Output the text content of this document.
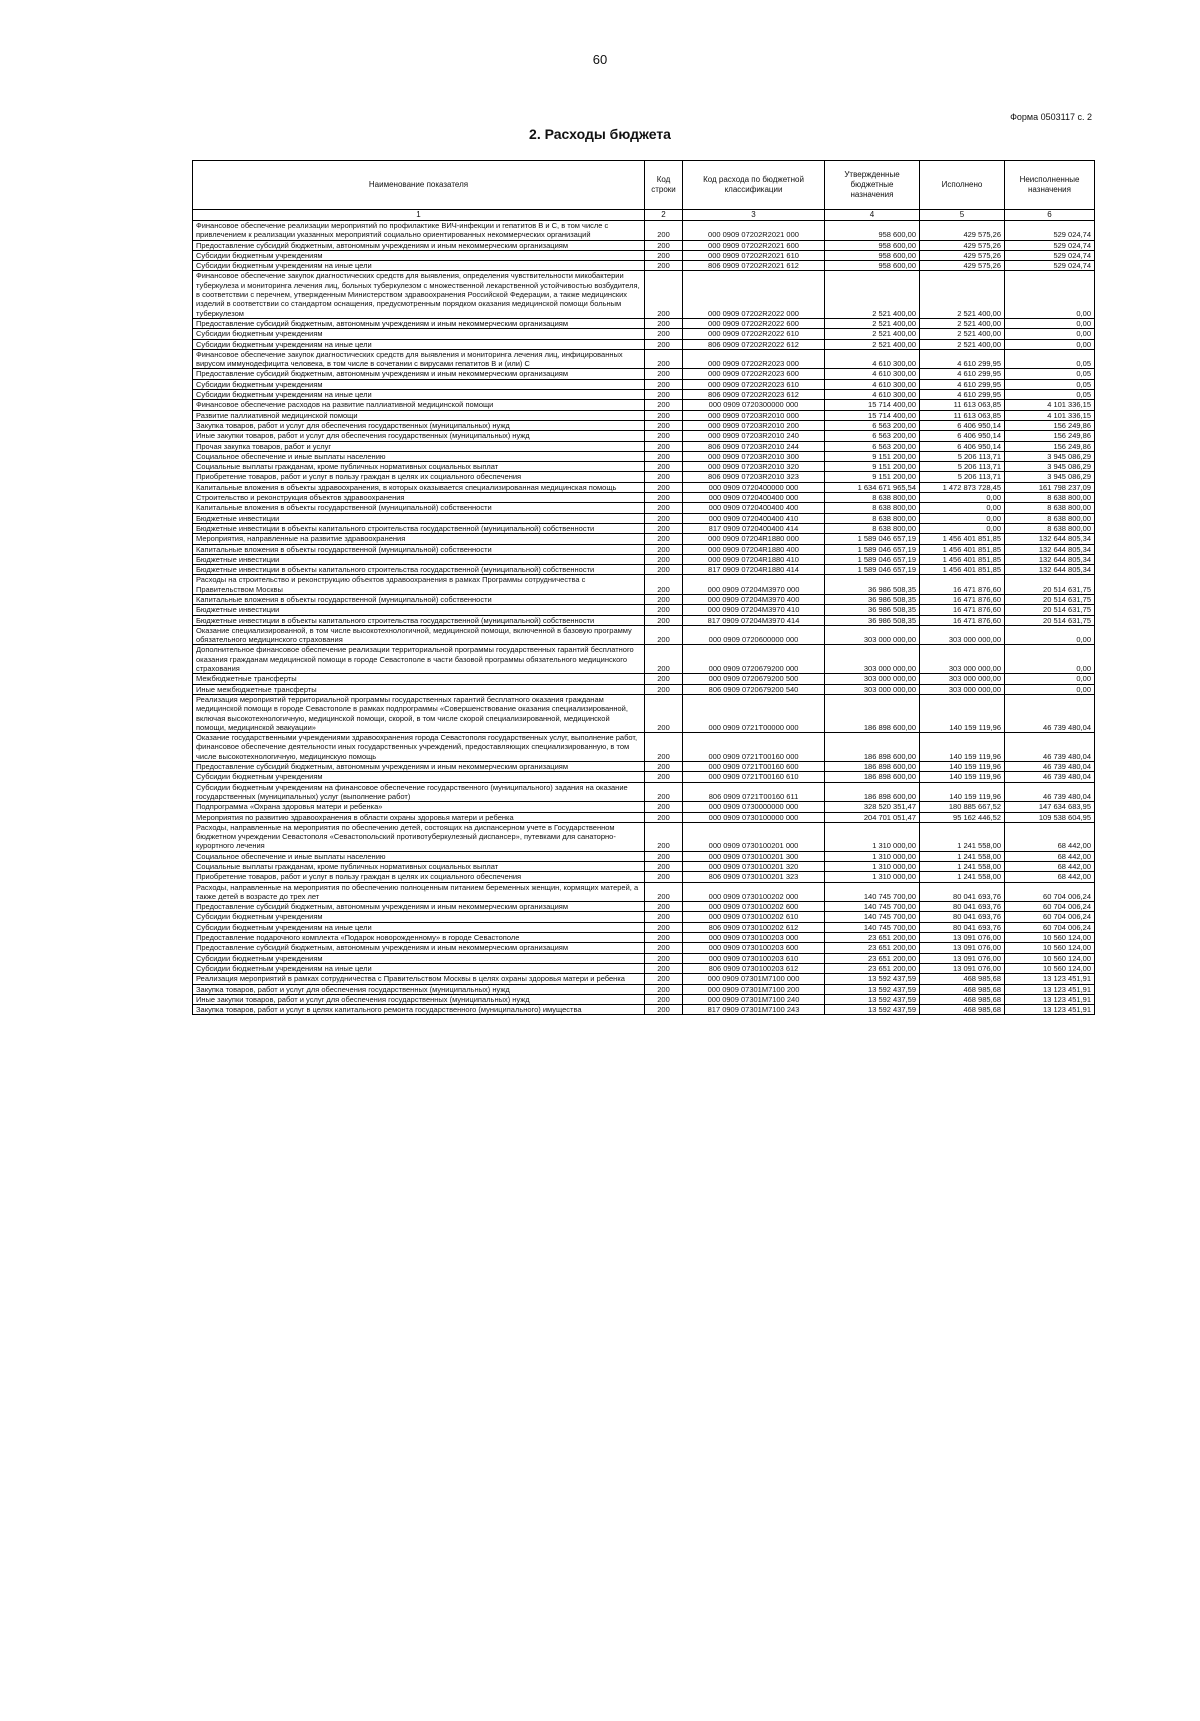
60
Форма 0503117 с. 2
2. Расходы бюджета
Наименование показателя	Код строки	Код расхода по бюджетной классификации	Утвержденные бюджетные назначения	Исполнено	Неисполненные назначения
1	2	3	4	5	6
Финансовое обеспечение реализации мероприятий по профилактике ВИЧ-инфекции и гепатитов B и C, в том числе с привлечением к реализации указанных мероприятий социально ориентированных некоммерческих организаций	200	000 0909 07202R2021 000	958 600,00	429 575,26	529 024,74
Предоставление субсидий бюджетным, автономным учреждениям и иным некоммерческим организациям	200	000 0909 07202R2021 600	958 600,00	429 575,26	529 024,74
Субсидии бюджетным учреждениям	200	000 0909 07202R2021 610	958 600,00	429 575,26	529 024,74
Субсидии бюджетным учреждениям на иные цели	200	806 0909 07202R2021 612	958 600,00	429 575,26	529 024,74
Финансовое обеспечение закупок диагностических средств для выявления, определения чувствительности микобактерии туберкулеза и мониторинга лечения лиц, больных туберкулезом с множественной лекарственной устойчивостью возбудителя, в соответствии с перечнем, утвержденным Министерством здравоохранения Российской Федерации, а также медицинских изделий в соответствии со стандартом оснащения, предусмотренным порядком оказания медицинской помощи больным туберкулезом	200	000 0909 07202R2022 000	2 521 400,00	2 521 400,00	0,00
Предоставление субсидий бюджетным, автономным учреждениям и иным некоммерческим организациям	200	000 0909 07202R2022 600	2 521 400,00	2 521 400,00	0,00
Субсидии бюджетным учреждениям	200	000 0909 07202R2022 610	2 521 400,00	2 521 400,00	0,00
Субсидии бюджетным учреждениям на иные цели	200	806 0909 07202R2022 612	2 521 400,00	2 521 400,00	0,00
Финансовое обеспечение закупок диагностических средств для выявления и мониторинга лечения лиц, инфицированных вирусом иммунодефицита человека, в том числе в сочетании с вирусами гепатитов B и (или) C	200	000 0909 07202R2023 000	4 610 300,00	4 610 299,95	0,05
Предоставление субсидий бюджетным, автономным учреждениям и иным некоммерческим организациям	200	000 0909 07202R2023 600	4 610 300,00	4 610 299,95	0,05
Субсидии бюджетным учреждениям	200	000 0909 07202R2023 610	4 610 300,00	4 610 299,95	0,05
Субсидии бюджетным учреждениям на иные цели	200	806 0909 07202R2023 612	4 610 300,00	4 610 299,95	0,05
Финансовое обеспечение расходов на развитие паллиативной медицинской помощи	200	000 0909 0720300000 000	15 714 400,00	11 613 063,85	4 101 336,15
Развитие паллиативной медицинской помощи	200	000 0909 07203R2010 000	15 714 400,00	11 613 063,85	4 101 336,15
Закупка товаров, работ и услуг для обеспечения государственных (муниципальных) нужд	200	000 0909 07203R2010 200	6 563 200,00	6 406 950,14	156 249,86
Иные закупки товаров, работ и услуг для обеспечения государственных (муниципальных) нужд	200	000 0909 07203R2010 240	6 563 200,00	6 406 950,14	156 249,86
Прочая закупка товаров, работ и услуг	200	806 0909 07203R2010 244	6 563 200,00	6 406 950,14	156 249,86
Социальное обеспечение и иные выплаты населению	200	000 0909 07203R2010 300	9 151 200,00	5 206 113,71	3 945 086,29
Социальные выплаты гражданам, кроме публичных нормативных социальных выплат	200	000 0909 07203R2010 320	9 151 200,00	5 206 113,71	3 945 086,29
Приобретение товаров, работ и услуг в пользу граждан в целях их социального обеспечения	200	806 0909 07203R2010 323	9 151 200,00	5 206 113,71	3 945 086,29
Капитальные вложения в объекты здравоохранения, в которых оказывается специализированная медицинская помощь	200	000 0909 0720400000 000	1 634 671 965,54	1 472 873 728,45	161 798 237,09
Строительство и реконструкция объектов здравоохранения	200	000 0909 0720400400 000	8 638 800,00	0,00	8 638 800,00
Капитальные вложения в объекты государственной (муниципальной) собственности	200	000 0909 0720400400 400	8 638 800,00	0,00	8 638 800,00
Бюджетные инвестиции	200	000 0909 0720400400 410	8 638 800,00	0,00	8 638 800,00
Бюджетные инвестиции в объекты капитального строительства государственной (муниципальной) собственности	200	817 0909 0720400400 414	8 638 800,00	0,00	8 638 800,00
Мероприятия, направленные на развитие здравоохранения	200	000 0909 07204R1880 000	1 589 046 657,19	1 456 401 851,85	132 644 805,34
Капитальные вложения в объекты государственной (муниципальной) собственности	200	000 0909 07204R1880 400	1 589 046 657,19	1 456 401 851,85	132 644 805,34
Бюджетные инвестиции	200	000 0909 07204R1880 410	1 589 046 657,19	1 456 401 851,85	132 644 805,34
Бюджетные инвестиции в объекты капитального строительства государственной (муниципальной) собственности	200	817 0909 07204R1880 414	1 589 046 657,19	1 456 401 851,85	132 644 805,34
Расходы на строительство и реконструкцию объектов здравоохранения в рамках Программы сотрудничества с Правительством Москвы	200	000 0909 07204M3970 000	36 986 508,35	16 471 876,60	20 514 631,75
Капитальные вложения в объекты государственной (муниципальной) собственности	200	000 0909 07204M3970 400	36 986 508,35	16 471 876,60	20 514 631,75
Бюджетные инвестиции	200	000 0909 07204M3970 410	36 986 508,35	16 471 876,60	20 514 631,75
Бюджетные инвестиции в объекты капитального строительства государственной (муниципальной) собственности	200	817 0909 07204M3970 414	36 986 508,35	16 471 876,60	20 514 631,75
Оказание специализированной, в том числе высокотехнологичной, медицинской помощи, включенной в базовую программу обязательного медицинского страхования	200	000 0909 0720600000 000	303 000 000,00	303 000 000,00	0,00
Дополнительное финансовое обеспечение реализации территориальной программы государственных гарантий бесплатного оказания гражданам медицинской помощи в городе Севастополе в части базовой программы обязательного медицинского страхования	200	000 0909 0720679200 000	303 000 000,00	303 000 000,00	0,00
Межбюджетные трансферты	200	000 0909 0720679200 500	303 000 000,00	303 000 000,00	0,00
Иные межбюджетные трансферты	200	806 0909 0720679200 540	303 000 000,00	303 000 000,00	0,00
Реализация мероприятий территориальной программы государственных гарантий бесплатного оказания гражданам медицинской помощи в городе Севастополе в рамках подпрограммы «Совершенствование оказания специализированной, включая высокотехнологичную, медицинской помощи, скорой, в том числе скорой специализированной, медицинской помощи, медицинской эвакуации»	200	000 0909 0721T00000 000	186 898 600,00	140 159 119,96	46 739 480,04
Оказание государственными учреждениями здравоохранения города Севастополя государственных услуг, выполнение работ, финансовое обеспечение деятельности иных государственных учреждений, предоставляющих специализированную, в том числе высокотехнологичную, медицинскую помощь	200	000 0909 0721T00160 000	186 898 600,00	140 159 119,96	46 739 480,04
Предоставление субсидий бюджетным, автономным учреждениям и иным некоммерческим организациям	200	000 0909 0721T00160 600	186 898 600,00	140 159 119,96	46 739 480,04
Субсидии бюджетным учреждениям	200	000 0909 0721T00160 610	186 898 600,00	140 159 119,96	46 739 480,04
Субсидии бюджетным учреждениям на финансовое обеспечение государственного (муниципального) задания на оказание государственных (муниципальных) услуг (выполнение работ)	200	806 0909 0721T00160 611	186 898 600,00	140 159 119,96	46 739 480,04
Подпрограмма «Охрана здоровья матери и ребенка»	200	000 0909 0730000000 000	328 520 351,47	180 885 667,52	147 634 683,95
Мероприятия по развитию здравоохранения в области охраны здоровья матери и ребенка	200	000 0909 0730100000 000	204 701 051,47	95 162 446,52	109 538 604,95
Расходы, направленные на мероприятия по обеспечению детей, состоящих на диспансерном учете в Государственном бюджетном учреждении Севастополя «Севастопольский противотуберкулезный диспансер», путевками для санаторно-курортного лечения	200	000 0909 0730100201 000	1 310 000,00	1 241 558,00	68 442,00
Социальное обеспечение и иные выплаты населению	200	000 0909 0730100201 300	1 310 000,00	1 241 558,00	68 442,00
Социальные выплаты гражданам, кроме публичных нормативных социальных выплат	200	000 0909 0730100201 320	1 310 000,00	1 241 558,00	68 442,00
Приобретение товаров, работ и услуг в пользу граждан в целях их социального обеспечения	200	806 0909 0730100201 323	1 310 000,00	1 241 558,00	68 442,00
Расходы, направленные на мероприятия по обеспечению полноценным питанием беременных женщин, кормящих матерей, а также детей в возрасте до трех лет	200	000 0909 0730100202 000	140 745 700,00	80 041 693,76	60 704 006,24
Предоставление субсидий бюджетным, автономным учреждениям и иным некоммерческим организациям	200	000 0909 0730100202 600	140 745 700,00	80 041 693,76	60 704 006,24
Субсидии бюджетным учреждениям	200	000 0909 0730100202 610	140 745 700,00	80 041 693,76	60 704 006,24
Субсидии бюджетным учреждениям на иные цели	200	806 0909 0730100202 612	140 745 700,00	80 041 693,76	60 704 006,24
Предоставление подарочного комплекта «Подарок новорожденному» в городе Севастополе	200	000 0909 0730100203 000	23 651 200,00	13 091 076,00	10 560 124,00
Предоставление субсидий бюджетным, автономным учреждениям и иным некоммерческим организациям	200	000 0909 0730100203 600	23 651 200,00	13 091 076,00	10 560 124,00
Субсидии бюджетным учреждениям	200	000 0909 0730100203 610	23 651 200,00	13 091 076,00	10 560 124,00
Субсидии бюджетным учреждениям на иные цели	200	806 0909 0730100203 612	23 651 200,00	13 091 076,00	10 560 124,00
Реализация мероприятий в рамках сотрудничества с Правительством Москвы в целях охраны здоровья матери и ребенка	200	000 0909 07301M7100 000	13 592 437,59	468 985,68	13 123 451,91
Закупка товаров, работ и услуг для обеспечения государственных (муниципальных) нужд	200	000 0909 07301M7100 200	13 592 437,59	468 985,68	13 123 451,91
Иные закупки товаров, работ и услуг для обеспечения государственных (муниципальных) нужд	200	000 0909 07301M7100 240	13 592 437,59	468 985,68	13 123 451,91
Закупка товаров, работ и услуг в целях капитального ремонта государственного (муниципального) имущества	200	817 0909 07301M7100 243	13 592 437,59	468 985,68	13 123 451,91
